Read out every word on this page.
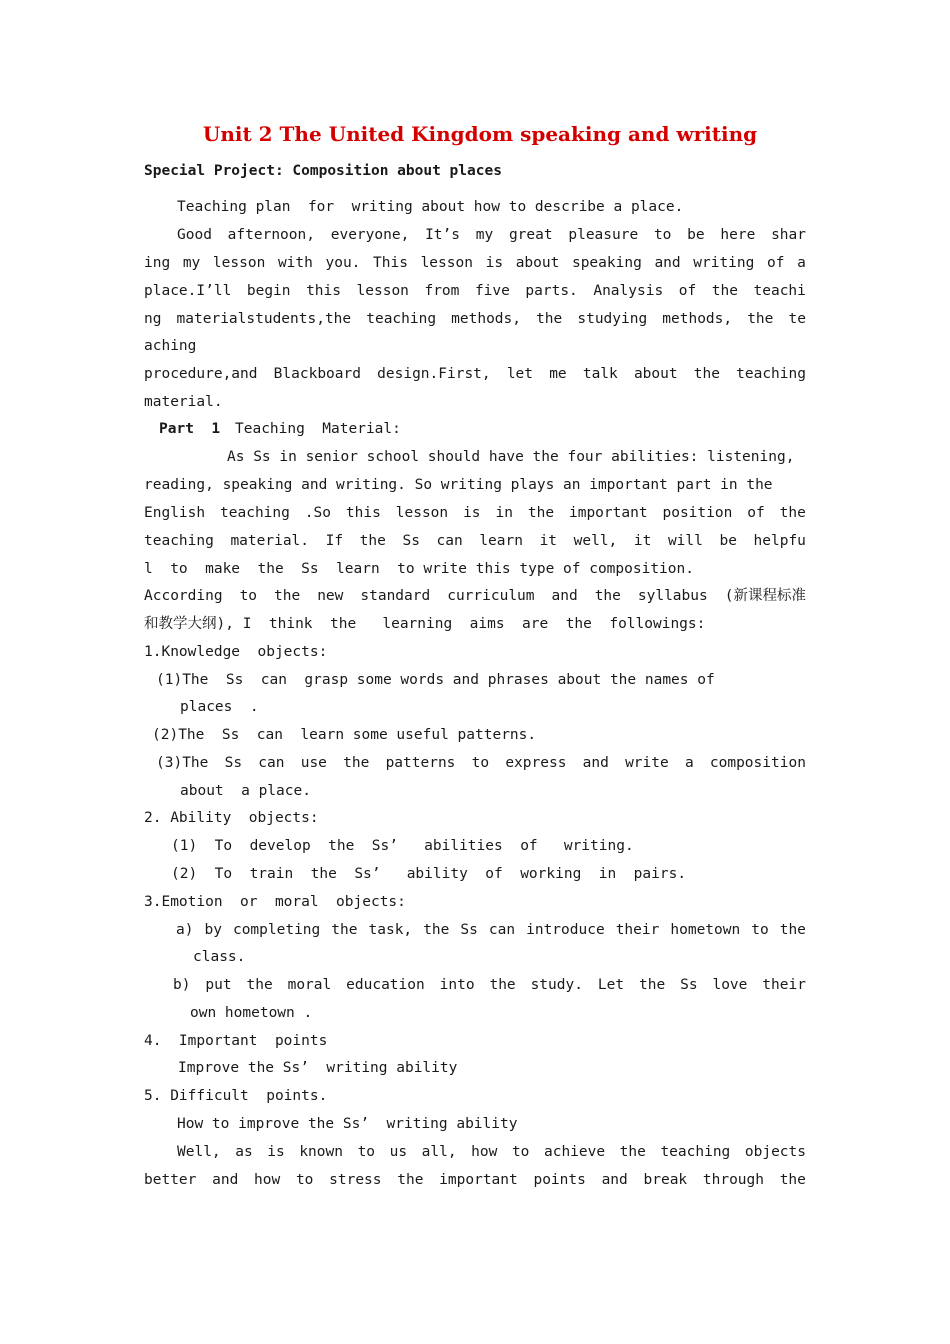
Unit 2 The United Kingdom speaking and writing
Special Project: Composition about places
Teaching plan  for  writing about how to describe a place.
Good afternoon, everyone, It’s my great pleasure to be here shar
ing my lesson with you. This lesson is about speaking and writing of a
place.I’ll begin this lesson from five parts. Analysis of the teachi
ng materialstudents,the teaching methods, the studying methods, the te
aching
procedure,and Blackboard design.First, let me talk about the teaching
material.
Part  1	Teaching  Material:
As Ss in senior school should have the four abilities: listening,
reading, speaking and writing. So writing plays an important part in the
English teaching .So this lesson is in the important position of the
teaching material. If the Ss can learn it well, it will be helpfu
l  to  make  the  Ss  learn  to write this type of composition.
According to the new standard curriculum and the syllabus (新课程标准
和教学大纲), I  think  the   learning  aims  are  the  followings:
1.Knowledge  objects:
(1)The  Ss  can  grasp some words and phrases about the names of
places  .
(2)The  Ss  can  learn some useful patterns.
(3)The Ss can use the patterns to express and write a composition
about  a place.
2. Ability  objects:
(1)  To  develop  the  Ss’   abilities  of   writing.
(2)  To  train  the  Ss’   ability  of  working  in  pairs.
3.Emotion  or  moral  objects:
a) by completing the task, the Ss can introduce their hometown to the
class.
b) put the moral education into the study. Let the Ss love their
own hometown .
4.  Important  points
Improve the Ss’  writing ability
5. Difficult  points.
How to improve the Ss’  writing ability
Well, as is known to us all, how to achieve the teaching objects
better and how to stress the important points and break through the
